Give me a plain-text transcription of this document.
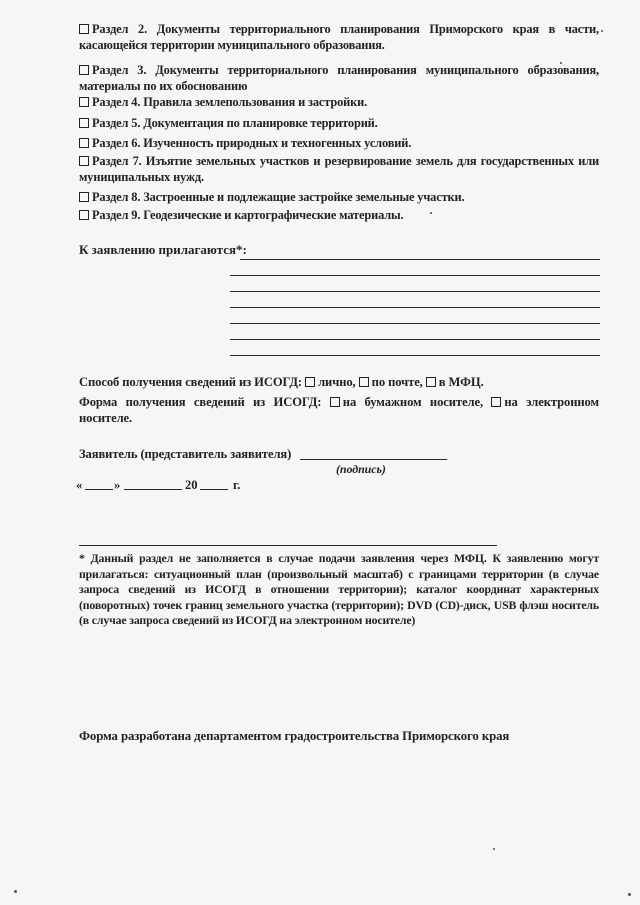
Раздел 2. Документы территориального планирования Приморского края в части, касающейся территории муниципального образования.
Раздел 3. Документы территориального планирования муниципального образования, материалы по их обоснованию
Раздел 4. Правила землепользования и застройки.
Раздел 5. Документация по планировке территорий.
Раздел 6. Изученность природных и техногенных условий.
Раздел 7. Изъятие земельных участков и резервирование земель для государственных или муниципальных нужд.
Раздел 8. Застроенные и подлежащие застройке земельные участки.
Раздел 9. Геодезические и картографические материалы.
К заявлению прилагаются*:
Способ получения сведений из ИСОГД: лично, по почте, в МФЦ.
Форма получения сведений из ИСОГД: на бумажном носителе, на электронном носителе.
Заявитель (представитель заявителя)
(подпись)
«	»	20	г.
* Данный раздел не заполняется в случае подачи заявления через МФЦ. К заявлению могут прилагаться: ситуационный план (произвольный масштаб) с границами территории (в случае запроса сведений из ИСОГД в отношении территории); каталог координат характерных (поворотных) точек границ земельного участка (территории); DVD (CD)-диск, USB флэш носитель (в случае запроса сведений из ИСОГД на электронном носителе)
Форма разработана департаментом градостроительства Приморского края
